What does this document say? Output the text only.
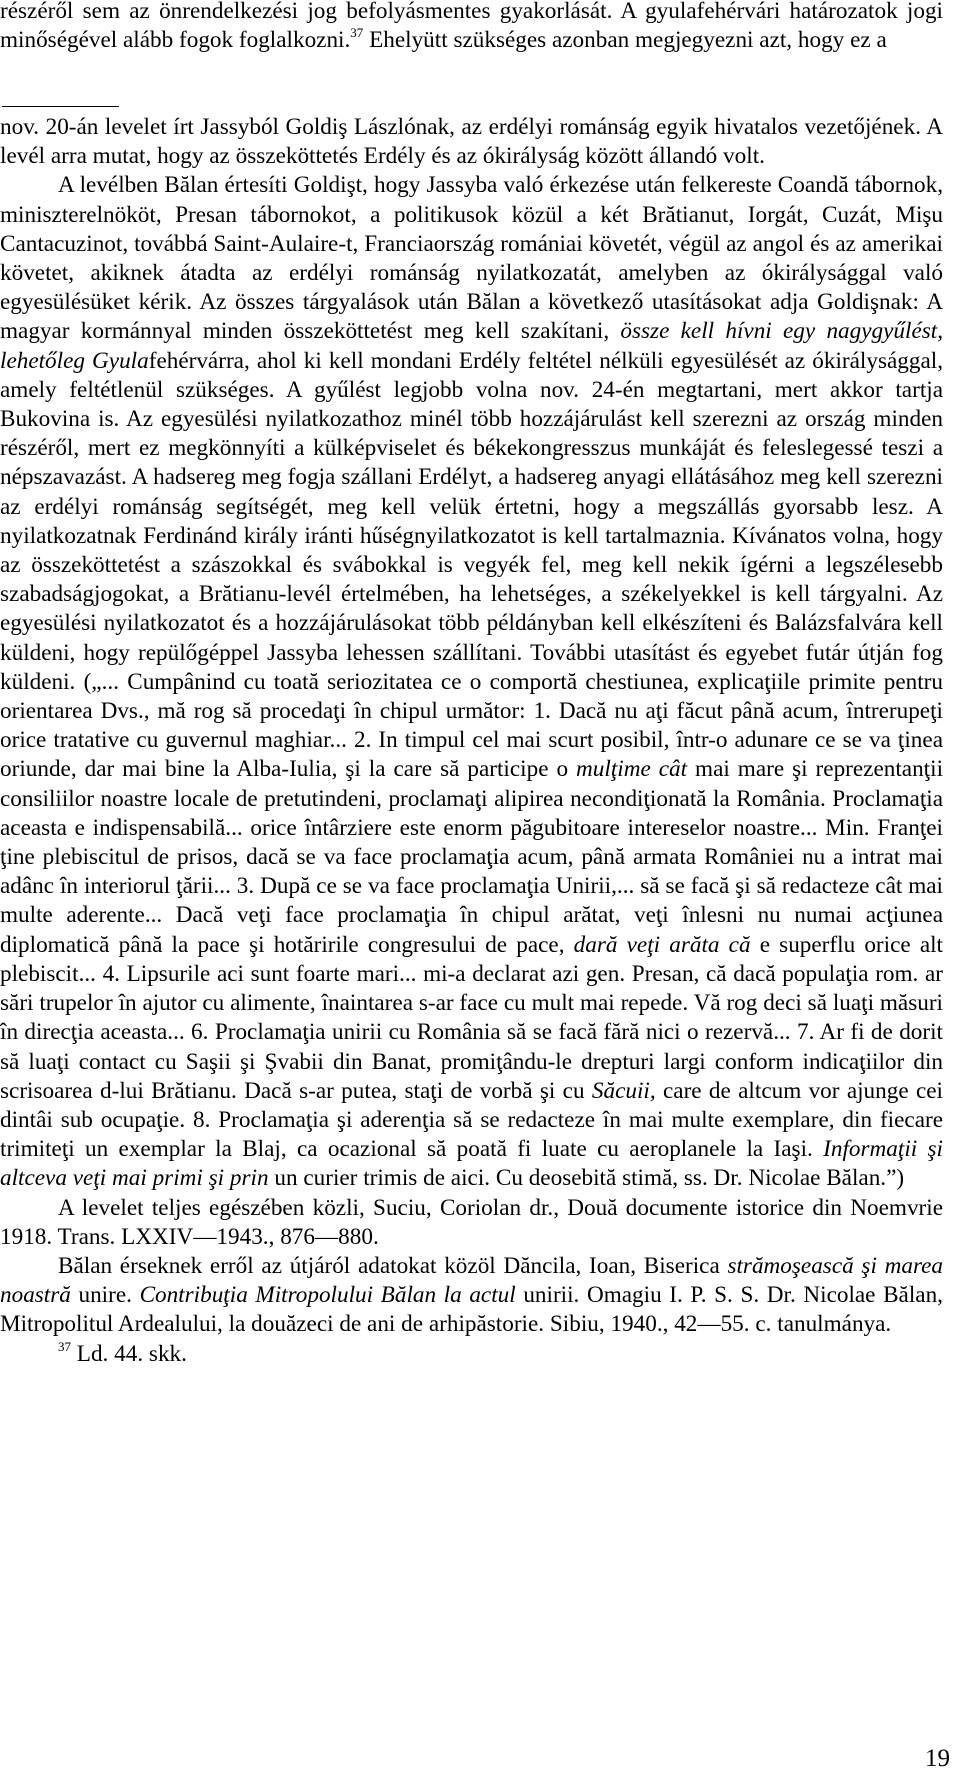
részéről sem az önrendelkezési jog befolyásmentes gyakorlását. A gyulafehérvári határozatok jogi minőségével alább fogok foglalkozni.$^{37}$ Ehelyütt szükséges azonban megjegyezni azt, hogy ez a

nov. 20-án levelet írt Jassyból Goldiş Lászlónak, az erdélyi románság egyik hivatalos vezetőjének. A levél arra mutat, hogy az összeköttetés Erdély és az ókirályság között állandó volt.

A levélben Bălan értesíti Goldişt, hogy Jassyba való érkezése után felkereste Coandă tábornok, miniszterelnököt, Presan tábornokot, a politikusok közül a két Brătianut, Iorgát, Cuzát, Mişu Cantacuzinot, továbbá Saint-Aulaire-t, Franciaország romániai követét, végül az angol és az amerikai követet, akiknek átadta az erdélyi románság nyilatkozatát, amelyben az ókirálysággal való egyesülésüket kérik. Az összes tárgyalások után Bălan a következő utasításokat adja Goldişnak: A magyar kormánnyal minden összeköttetést meg kell szakítani, össze kell hívni egy nagygyűlést, lehetőleg Gyulafehérvárra, ahol ki kell mondani Erdély feltétel nélküli egyesülését az ókirálysággal, amely feltétlenül szükséges. A gyűlést legjobb volna nov. 24-én megtartani, mert akkor tartja Bukovina is. Az egyesülési nyilatkozathoz minél több hozzájárulást kell szerezni az ország minden részéről, mert ez megkönnyíti a külképviselet és békekongresszus munkáját és feleslegessé teszi a népszavazást. A hadsereg meg fogja szállani Erdélyt, a hadsereg anyagi ellátásához meg kell szerezni az erdélyi románság segítségét, meg kell velük értetni, hogy a megszállás gyorsabb lesz. A nyilatkozatnak Ferdinánd király iránti hűségnyilatkozatot is kell tartalmaznia. Kívánatos volna, hogy az összeköttetést a szászokkal és svábokkal is vegyék fel, meg kell nekik ígérni a legszélesebb szabadságjogokat, a Brătianu-levél értelmében, ha lehetséges, a székelyekkel is kell tárgyalni. Az egyesülési nyilatkozatot és a hozzájárulásokat több példányban kell elkészíteni és Balázsfalvára kell küldeni, hogy repülőgéppel Jassyba lehessen szállítani. További utasítást és egyebet futár útján fog küldeni. („... Cumpânind cu toată seriozitatea ce o comportă chestiunea, explicaţiile primite pentru orientarea Dvs., mă rog să procedaţi în chipul următor: 1. Dacă nu aţi făcut până acum, întrerupeţi orice tratative cu guvernul maghiar... 2. In timpul cel mai scurt posibil, într-o adunare ce se va ţinea oriunde, dar mai bine la Alba-Iulia, şi la care să participe o mulţime cât mai mare şi reprezentanţii consiliilor noastre locale de pretutindeni, proclamaţi alipirea necondiţionată la România. Proclamaţia aceasta e indispensabilă... orice întârziere este enorm păgubitoare intereselor noastre... Min. Franţei ţine plebiscitul de prisos, dacă se va face proclamaţia acum, până armata României nu a intrat mai adânc în interiorul ţării... 3. După ce se va face proclamaţia Unirii,... să se facă şi să redacteze cât mai multe aderente... Dacă veţi face proclamaţia în chipul arătat, veţi înlesni nu numai acţiunea diplomatică până la pace şi hotăririle congresului de pace, dară veţi arăta că e superflu orice alt plebiscit... 4. Lipsurile aci sunt foarte mari... mi-a declarat azi gen. Presan, că dacă populaţia rom. ar sări trupelor în ajutor cu alimente, înaintarea s-ar face cu mult mai repede. Vă rog deci să luaţi măsuri în direcţia aceasta... 6. Proclamaţia unirii cu România să se facă fără nici o rezervă... 7. Ar fi de dorit să luaţi contact cu Saşii şi Şvabii din Banat, promiţându-le drepturi largi conform indicaţiilor din scrisoarea d-lui Brătianu. Dacă s-ar putea, staţi de vorbă şi cu Săcuii, care de altcum vor ajunge cei dintâi sub ocupaţie. 8. Proclamaţia şi aderenţia să se redacteze în mai multe exemplare, din fiecare trimiteţi un exemplar la Blaj, ca ocazional să poată fi luate cu aeroplanele la Iaşi. Informaţii şi altceva veţi mai primi şi prin un curier trimis de aici. Cu deosebită stimă, ss. Dr. Nicolae Bălan.”)

A levelet teljes egészében közli, Suciu, Coriolan dr., Două documente istorice din Noemvrie 1918. Trans. LXXIV—1943., 876—880.

Bălan érseknek erről az útjáról adatokat közöl Dăncila, Ioan, Biserica strămoşească şi marea noastră unire. Contribuţia Mitropolului Bălan la actul unirii. Omagiu I. P. S. S. Dr. Nicolae Bălan, Mitropolitul Ardealului, la douăzeci de ani de arhipăstorie. Sibiu, 1940., 42—55. c. tanulmánya.

$^{37}$ Ld. 44. skk.

19
